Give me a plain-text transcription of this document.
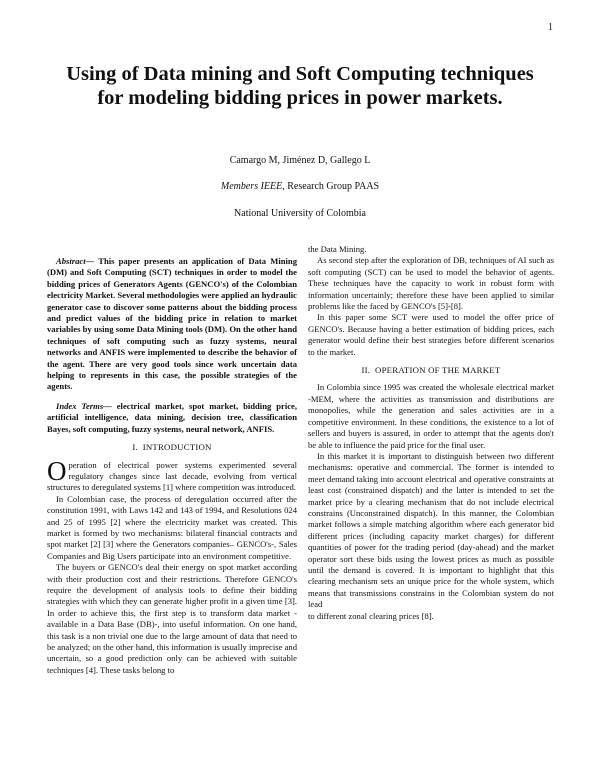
1
Using of Data mining and Soft Computing techniques for modeling bidding prices in power markets.
Camargo M, Jiménez D, Gallego L
Members IEEE, Research Group PAAS
National University of Colombia

Abstract— This paper presents an application of Data Mining (DM) and Soft Computing (SCT) techniques in order to model the bidding prices of Generators Agents (GENCO's) of the Colombian electricity Market. Several methodologies were applied an hydraulic generator case to discover some patterns about the bidding process and predict values of the bidding price in relation to market variables by using some Data Mining tools (DM). On the other hand techniques of soft computing such as fuzzy systems, neural networks and ANFIS were implemented to describe the behavior of the agent. There are very good tools since work uncertain data helping to represents in this case, the possible strategies of the agents.

Index Terms— electrical market, spot market, bidding price, artificial intelligence, data mining, decision tree, classification Bayes, soft computing, fuzzy systems, neural network, ANFIS.

I. INTRODUCTION

Operation of electrical power systems experimented several regulatory changes since last decade, evolving from vertical structures to deregulated systems [1] where competition was introduced.

In Colombian case, the process of deregulation occurred after the constitution 1991, with Laws 142 and 143 of 1994, and Resolutions 024 and 25 of 1995 [2] where the electricity market was created. This market is formed by two mechanisms: bilateral financial contracts and spot market [2] [3] where the Generators companies– GENCO's-, Sales Companies and Big Users participate into an environment competitive.

The buyers or GENCO's deal their energy on spot market according with their production cost and their restrictions. Therefore GENCO's require the development of analysis tools to define their bidding strategies with which they can generate higher profit in a given time [3]. In order to achieve this, the first step is to transform data market -available in a Data Base (DB)-, into useful information. On one hand, this task is a non trivial one due to the large amount of data that need to be analyzed; on the other hand, this information is usually imprecise and uncertain, so a good prediction only can be achieved with suitable techniques [4]. These tasks belong to

the Data Mining.

As second step after the exploration of DB, techniques of AI such as soft computing (SCT) can be used to model the behavior of agents. These techniques have the capacity to work in robust form with information uncertainly; therefore these have been applied to similar problems like the faced by GENCO's [5]-[8].

In this paper some SCT were used to model the offer price of GENCO's. Because having a better estimation of bidding prices, each generator would define their best strategies before different scenarios to the market.

II. OPERATION OF THE MARKET

In Colombia since 1995 was created the wholesale electrical market -MEM, where the activities as transmission and distributions are monopolies, while the generation and sales activities are in a competitive environment. In these conditions, the existence to a lot of sellers and buyers is assured, in order to attempt that the agents don't be able to influence the paid price for the final user.

In this market it is important to distinguish between two different mechanisms: operative and commercial. The former is intended to meet demand taking into account electrical and operative constraints at least cost (constrained dispatch) and the latter is intended to set the market price by a clearing mechanism that do not include electrical constrains (Unconstrained dispatch). In this manner, the Colombian market follows a simple matching algorithm where each generator bid different prices (including capacity market charges) for different quantities of power for the trading period (day-ahead) and the market operator sort these bids using the lowest prices as much as possible until the demand is covered. It is important to highlight that this clearing mechanism sets an unique price for the whole system, which means that transmissions constrains in the Colombian system do not lead

to different zonal clearing prices [8].
